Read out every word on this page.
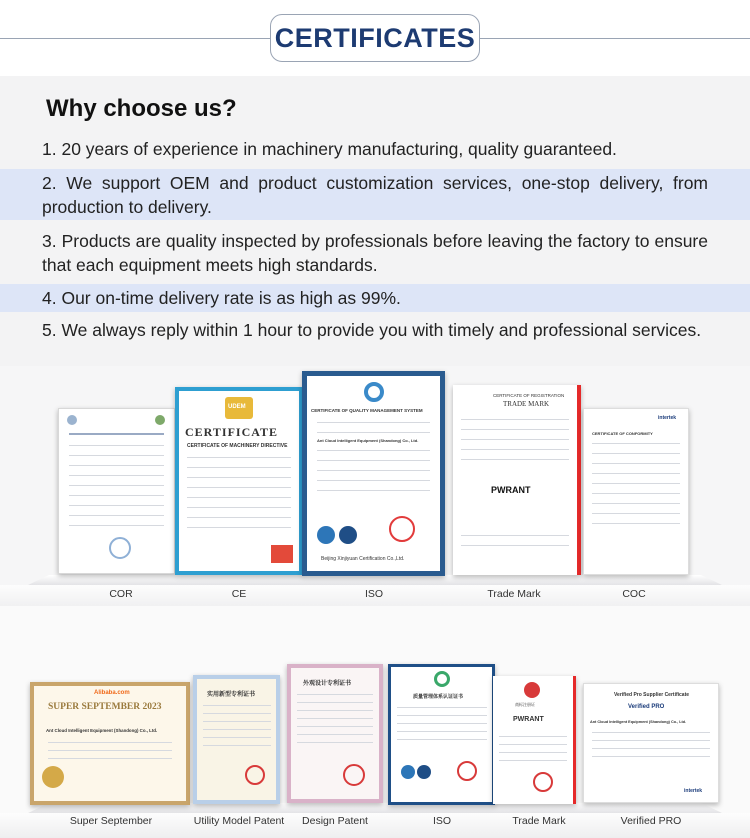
CERTIFICATES
Why choose us?
1. 20 years of experience in machinery manufacturing, quality guaranteed.
2. We support OEM and product customization services, one-stop delivery, from production to delivery.
3. Products are quality inspected by professionals before leaving the factory to ensure that each equipment meets high standards.
4. Our on-time delivery rate is as high as 99%.
5. We always reply within 1 hour to provide you with timely and professional services.
COR
UDEM
CERTIFICATE
CERTIFICATE OF MACHINERY DIRECTIVE
CE
CERTIFICATE OF QUALITY MANAGEMENT SYSTEM
Ant Cloud Intelligent Equipment (Shandong) Co., Ltd.
Beijing Xinjiyuan Certification Co.,Ltd.
ISO
CERTIFICATE OF REGISTRATION
TRADE MARK
PWRANT
Trade Mark
intertek
CERTIFICATE OF CONFORMITY
COC
Alibaba.com
SUPER SEPTEMBER 2023
Ant Cloud Intelligent Equipment (Shandong) Co., Ltd.
Super September
实用新型专利证书
Utility Model Patent
外观设计专利证书
Design Patent
质量管理体系认证证书
ISO
商标注册证
PWRANT
Trade Mark
Verified Pro Supplier Certificate
Verified PRO
Ant Cloud Intelligent Equipment (Shandong) Co., Ltd.
intertek
Verified PRO
